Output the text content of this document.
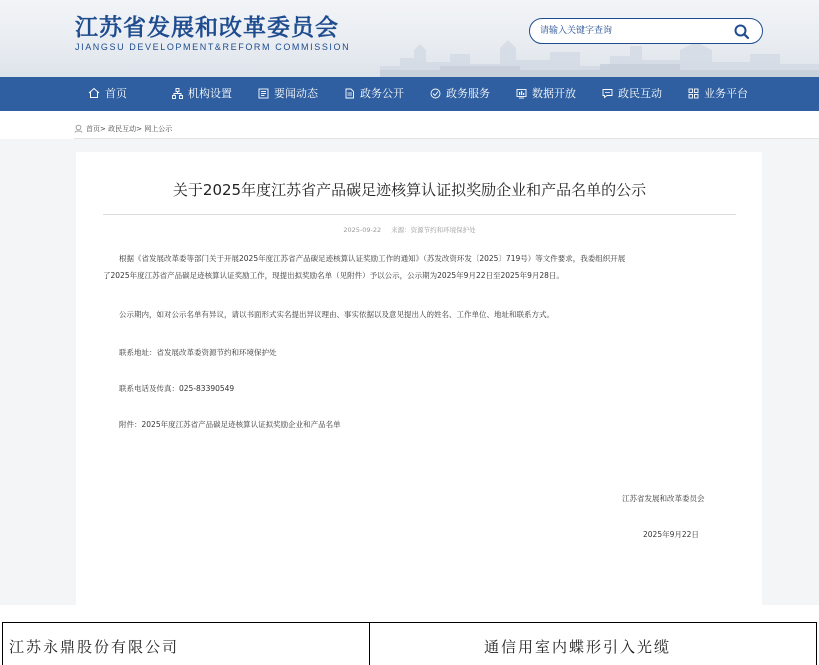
江苏省发展和改革委员会
JIANGSU DEVELOPMENT&REFORM COMMISSION
请输入关键字查询
首页	机构设置	要闻动态	政务公开	政务服务	数据开放	政民互动	业务平台
首页> 政民互动> 网上公示
关于2025年度江苏省产品碳足迹核算认证拟奖励企业和产品名单的公示
2025-09-22 来源：资源节约和环境保护处
根据《省发展改革委等部门关于开展2025年度江苏省产品碳足迹核算认证奖励工作的通知》（苏发改资环发〔2025〕719号）等文件要求，我委组织开展
了2025年度江苏省产品碳足迹核算认证奖励工作，现提出拟奖励名单（见附件）予以公示，公示期为2025年9月22日至2025年9月28日。
公示期内，如对公示名单有异议，请以书面形式实名提出异议理由、事实依据以及意见提出人的姓名、工作单位、地址和联系方式。
联系地址：省发展改革委资源节约和环境保护处
联系电话及传真：025-83390549
附件：2025年度江苏省产品碳足迹核算认证拟奖励企业和产品名单
江苏省发展和改革委员会
2025年9月22日
江苏永鼎股份有限公司	通信用室内蝶形引入光缆
